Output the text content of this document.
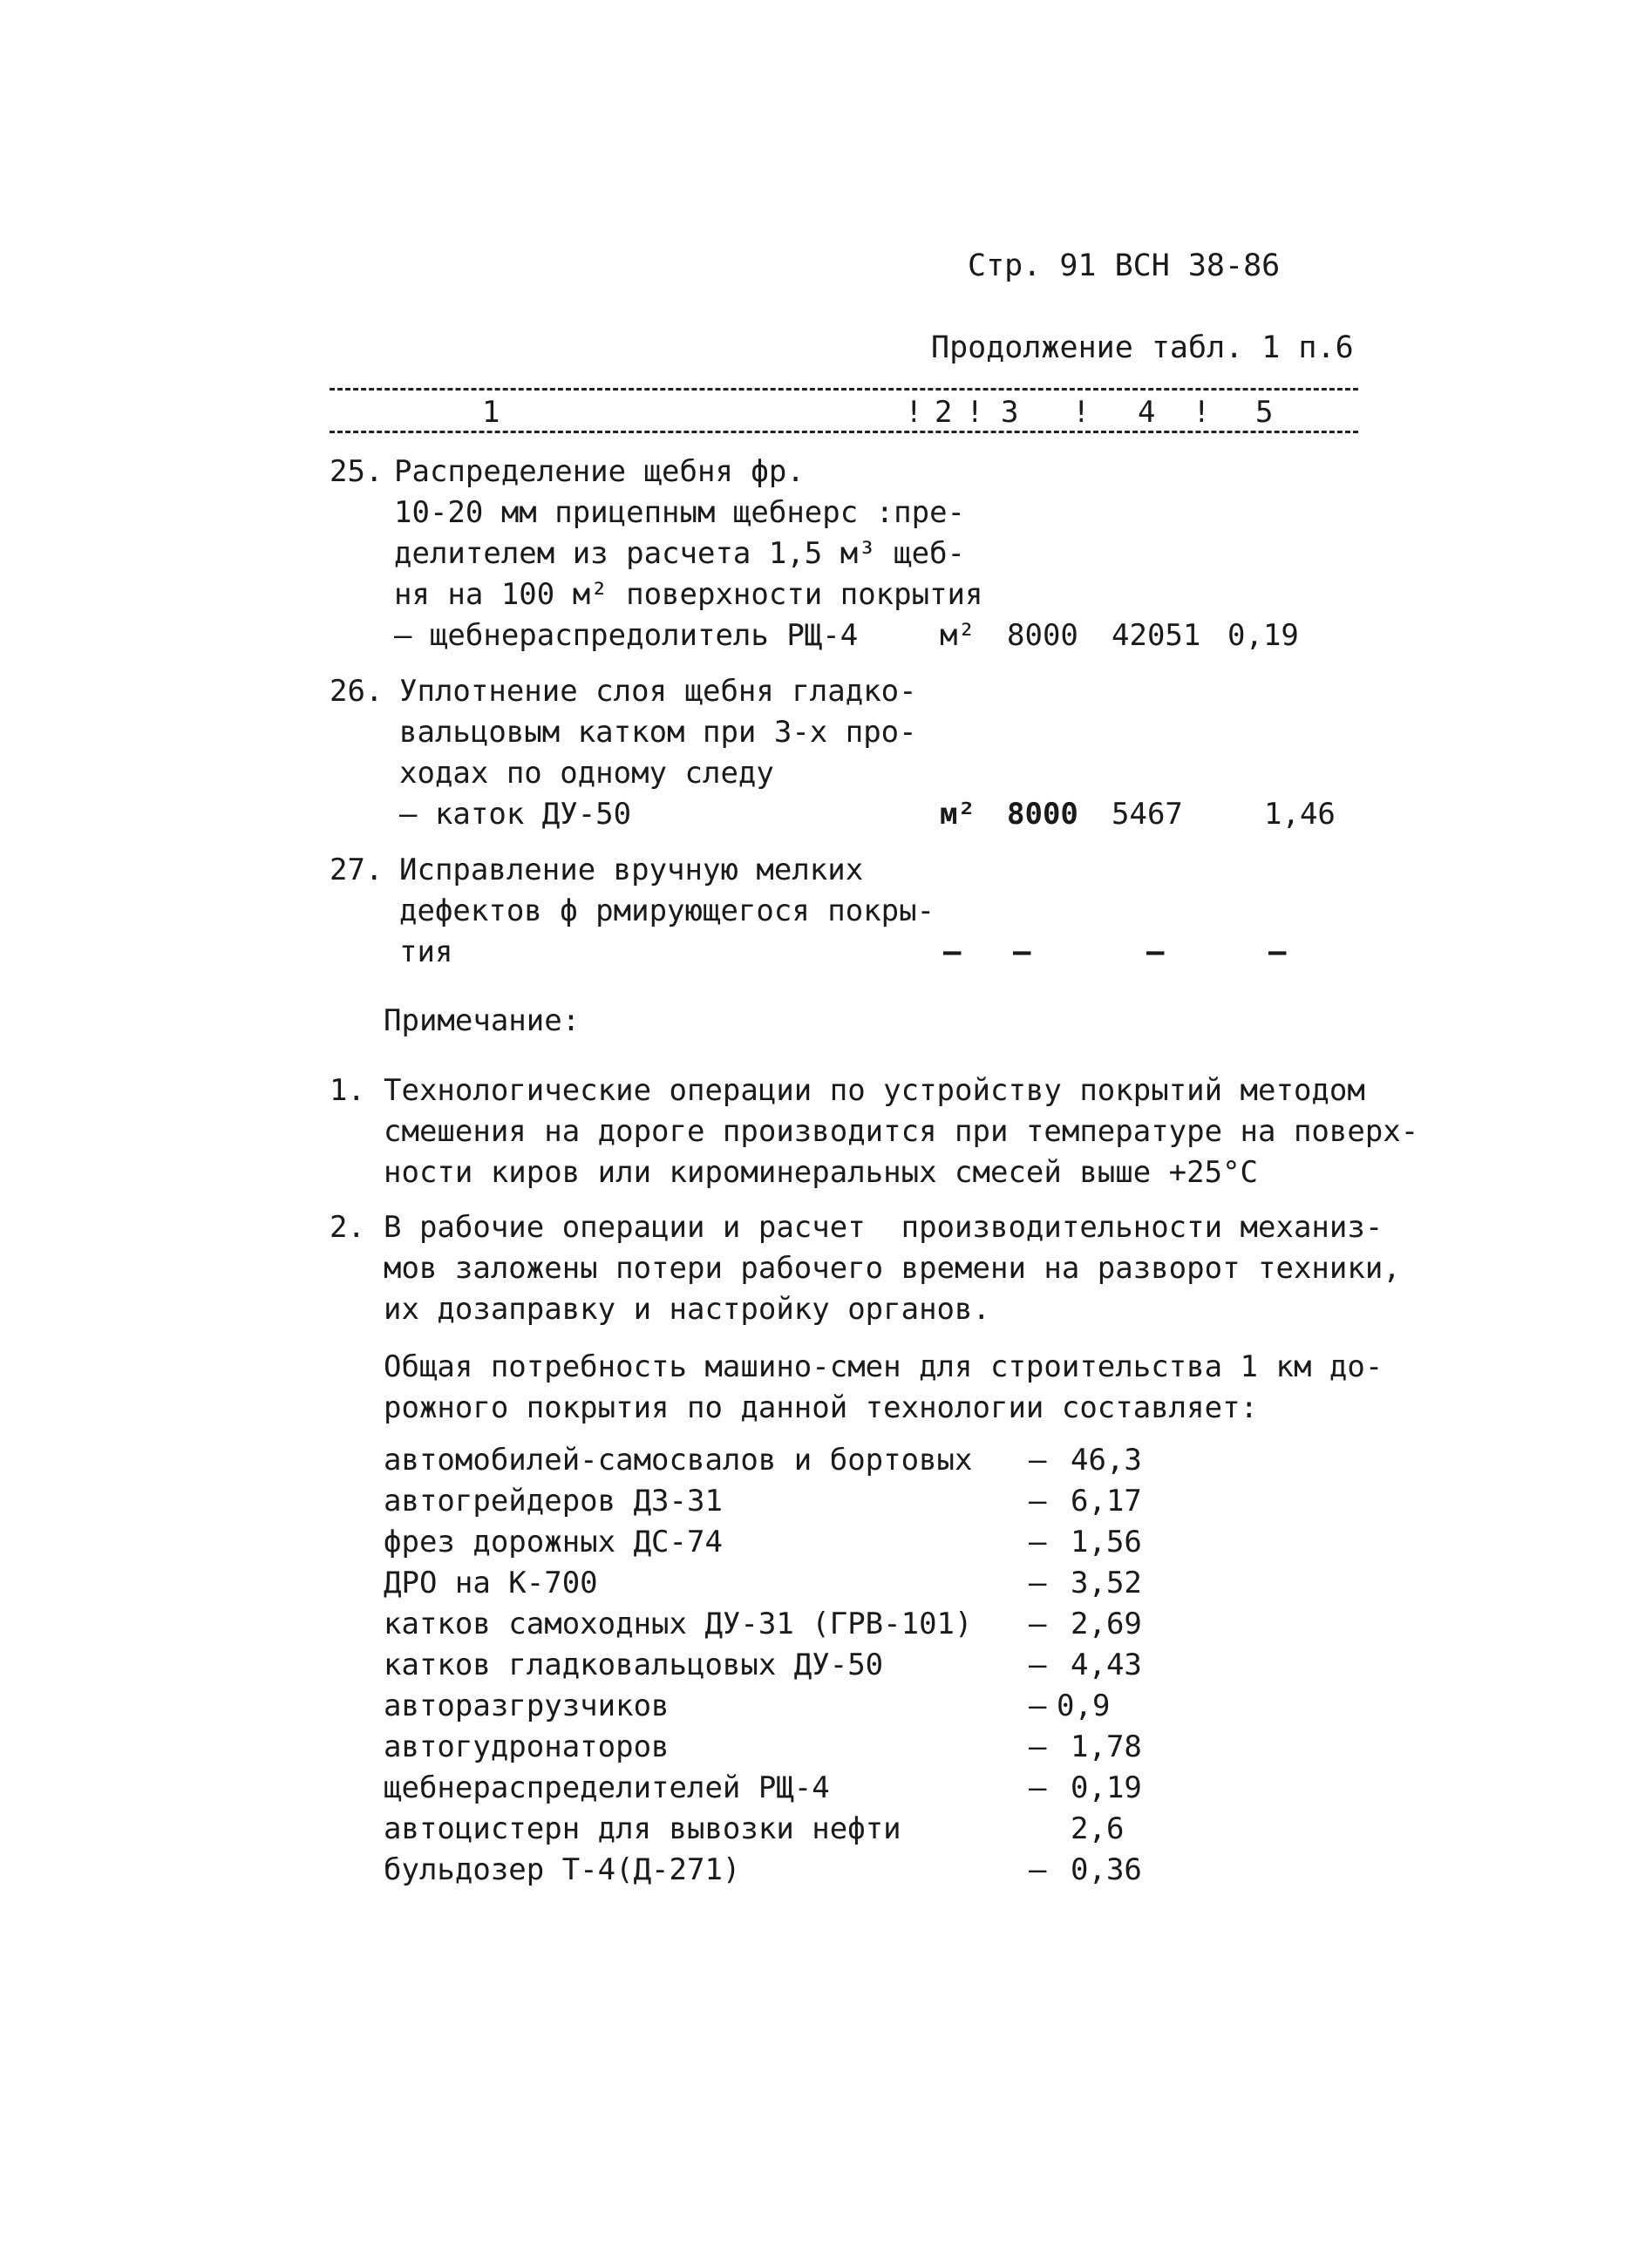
Стр. 91 ВСН 38-86
Продолжение табл. 1 п.6
1	! 2 ! 3 ! 4 ! 5
25. Распределение щебня фр.
10-20 мм прицепным щебнерс :пре-
делителем из расчета 1,5 м³ щеб-
ня на 100 м² поверхности покрытия
– щебнераспредолитель РЩ-4	м² 8000 42051 0,19
26. Уплотнение слоя щебня гладко-
вальцовым катком при 3-х про-
ходах по одному следу
– каток ДУ-50	м² 8000 5467	1,46
27. Исправление вручную мелких
дефектов ф рмирующегося покры-
тия	– –	–	–
Примечание:
1. Технологические операции по устройству покрытий методом
смешения на дороге производится при температуре на поверх-
ности киров или кироминеральных смесей выше +25°С
2. В рабочие операции и расчет  производительности механиз-
мов заложены потери рабочего времени на разворот техники,
их дозаправку и настройку органов.
Общая потребность машино-смен для строительства 1 км до-
рожного покрытия по данной технологии составляет:
автомобилей-самосвалов и бортовых – 46,3
автогрейдеров ДЗ-31	– 6,17
фрез дорожных ДС-74	– 1,56
ДРО на К-700	– 3,52
катков самоходных ДУ-31 (ГРВ-101) – 2,69
катков гладковальцовых ДУ-50	– 4,43
авторазгрузчиков	– 0,9
автогудронаторов	– 1,78
щебнераспределителей РЩ-4	– 0,19
автоцистерн для вывозки нефти	2,6
бульдозер Т-4(Д-271)	– 0,36
